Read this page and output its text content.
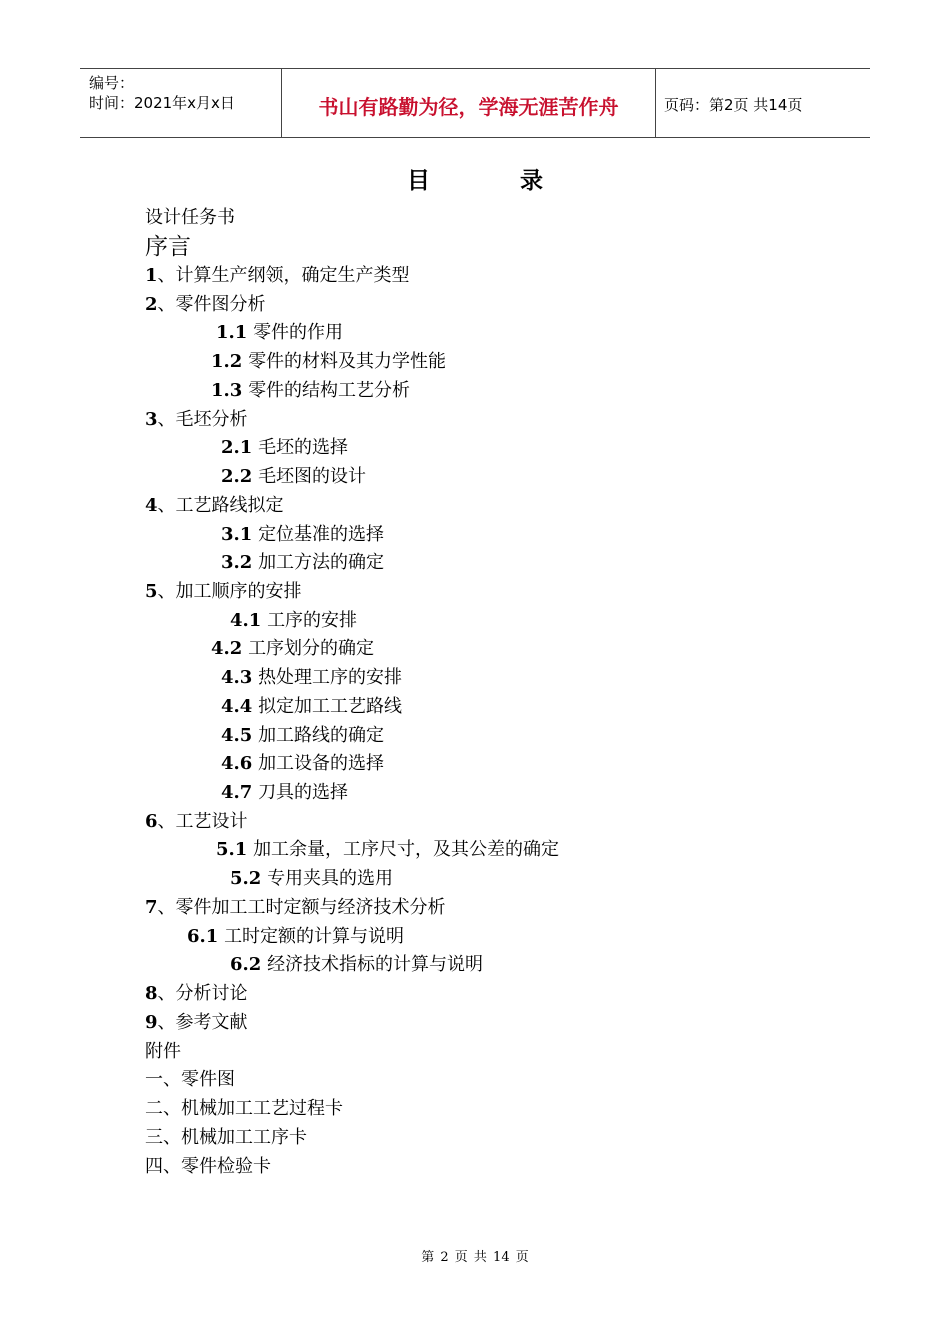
编号：
时间：2021年x月x日	书山有路勤为径，学海无涯苦作舟	页码：第2页 共14页
目录
设计任务书
序言
1、计算生产纲领，确定生产类型
2、零件图分析
1.1 零件的作用
1.2 零件的材料及其力学性能
1.3 零件的结构工艺分析
3、毛坯分析
2.1 毛坯的选择
2.2 毛坯图的设计
4、工艺路线拟定
3.1 定位基准的选择
3.2 加工方法的确定
5、加工顺序的安排
4.1 工序的安排
4.2 工序划分的确定
4.3 热处理工序的安排
4.4 拟定加工工艺路线
4.5 加工路线的确定
4.6 加工设备的选择
4.7 刀具的选择
6、工艺设计
5.1 加工余量，工序尺寸，及其公差的确定
5.2 专用夹具的选用
7、零件加工工时定额与经济技术分析
6.1 工时定额的计算与说明
6.2 经济技术指标的计算与说明
8、分析讨论
9、参考文献
附件
一、零件图
二、机械加工工艺过程卡
三、机械加工工序卡
四、零件检验卡
第 2 页 共 14 页
